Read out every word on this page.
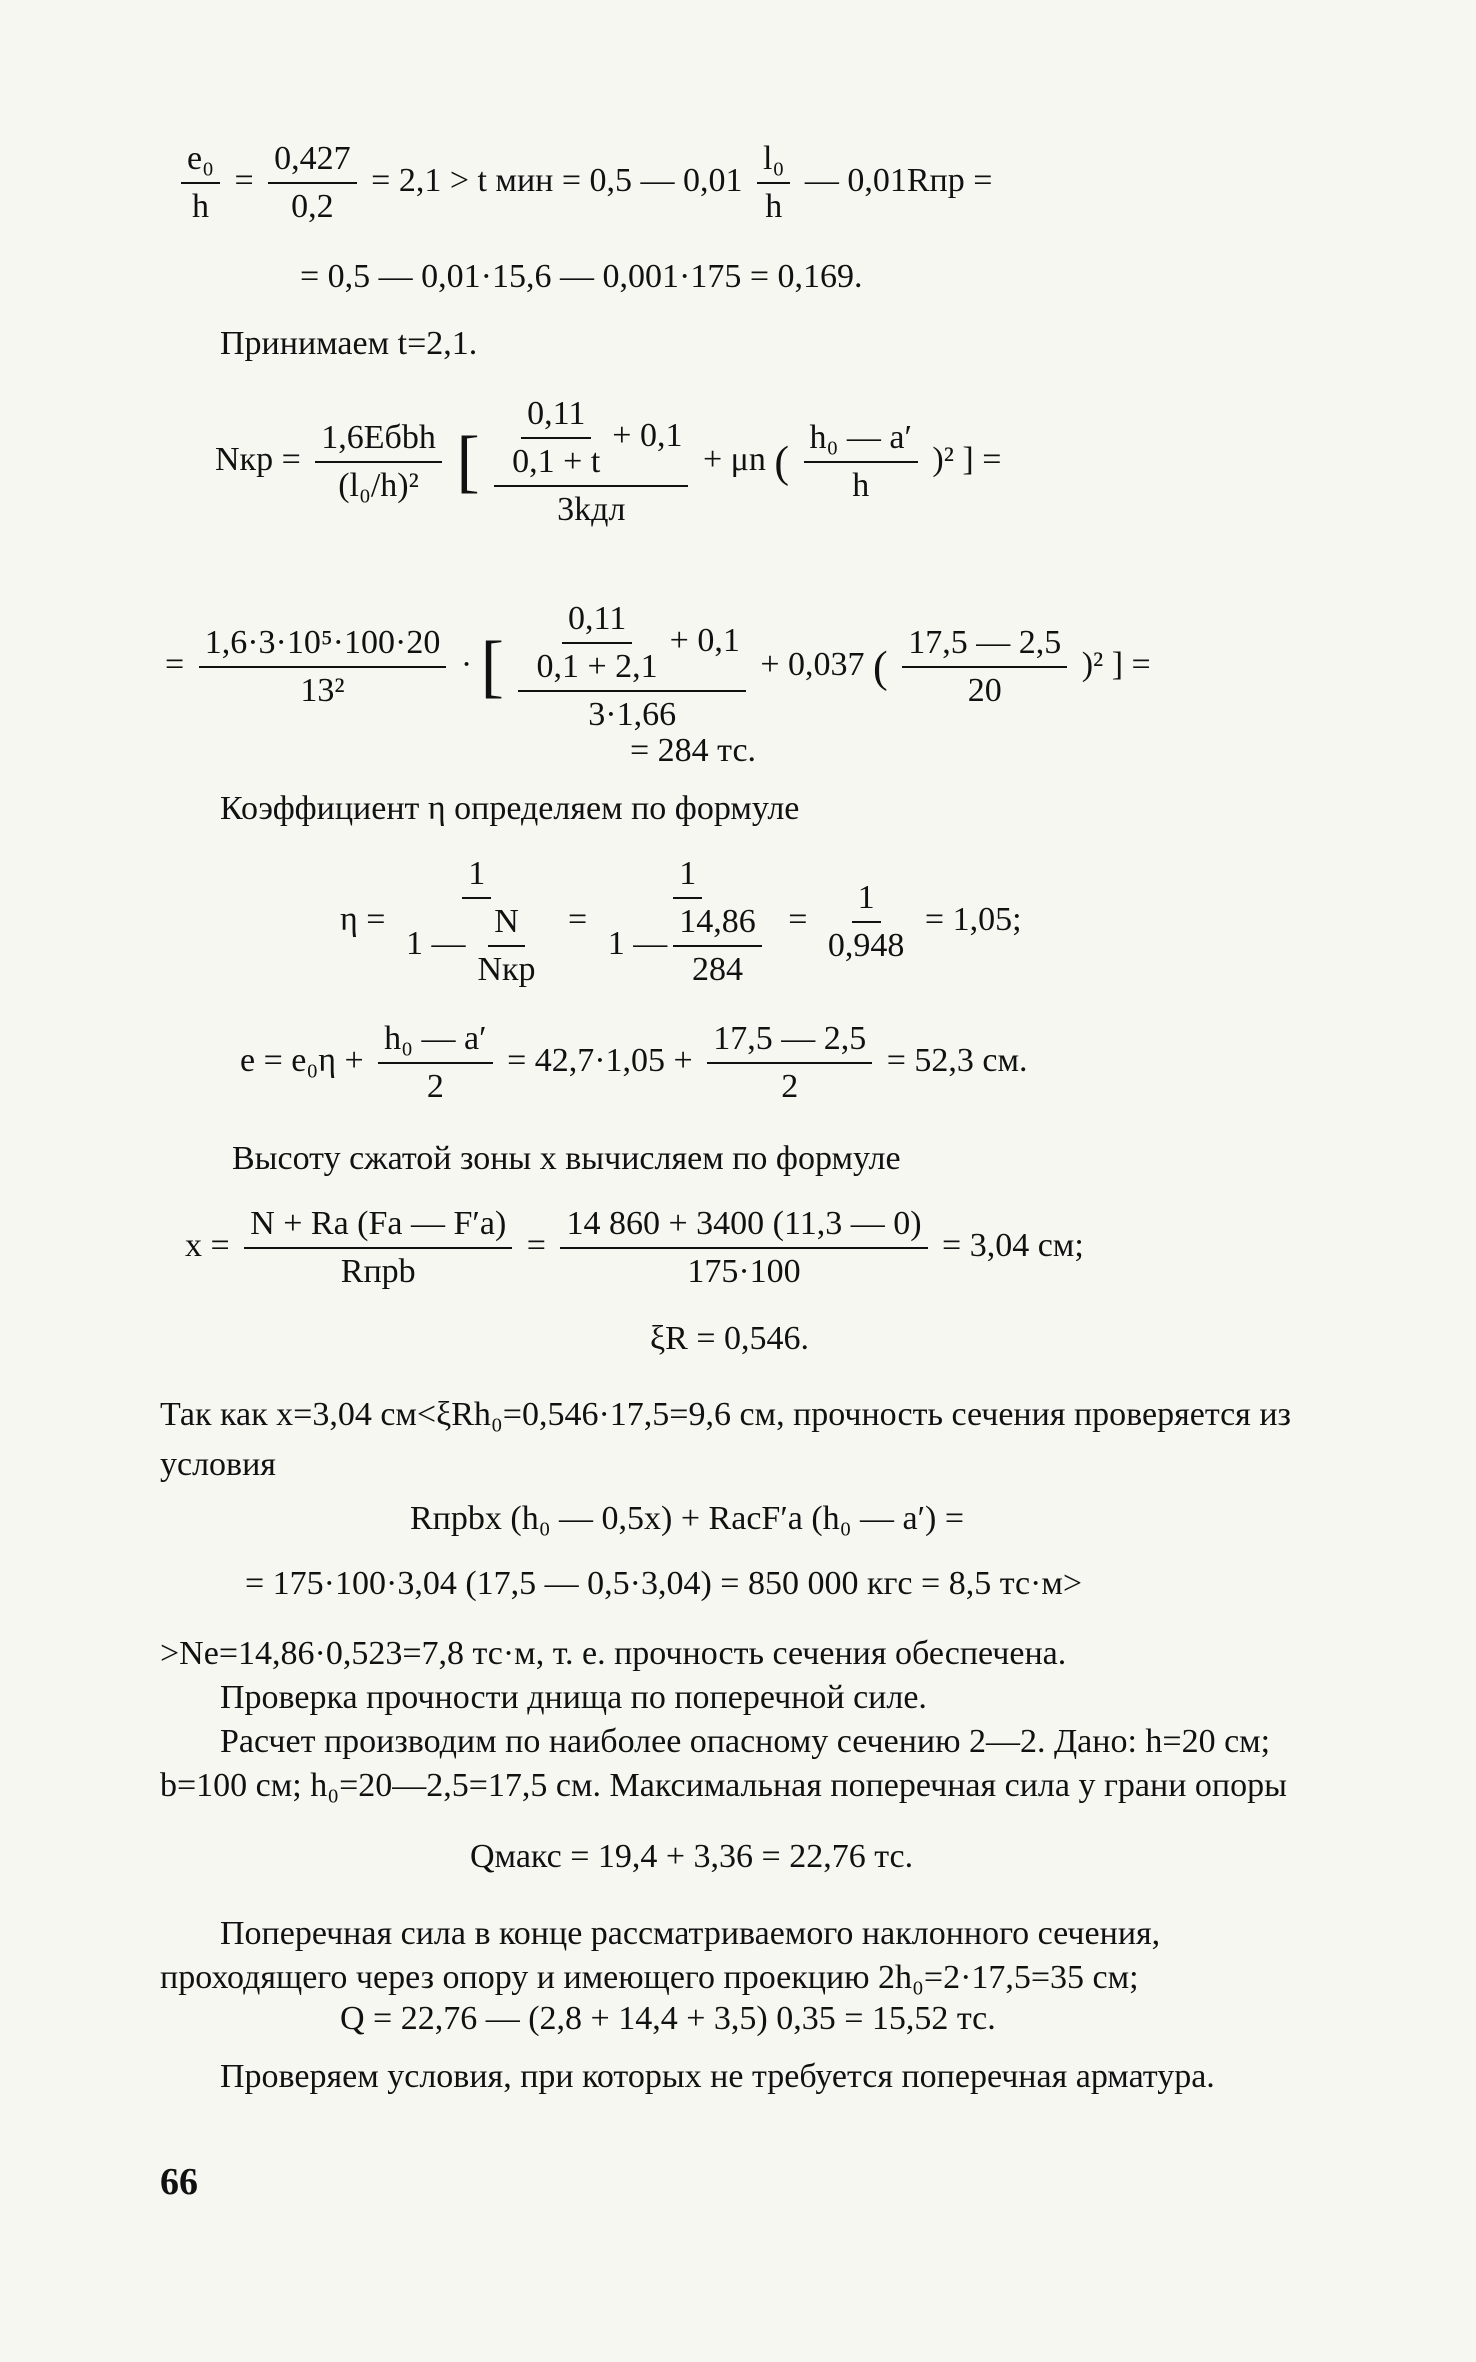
$\frac{\text{e₀}}{h} = \frac{0,427}{0,2} = 2,1 > t$ мин = 0,5 — $0,01 \frac{\text{l₀}}{h}$ — 0,01Rпр =
= 0,5 — 0,01·15,6 — 0,001·175 = 0,169.
Принимаем t=2,1.
Nкр = $\frac{\text{1,6Eбbh}}{\text{(l₀/h)²}}$ [ $\frac{\frac{0,11}{0,1 + t} + 0,1}{\text{3kдл}} + \mu n$ ( $\frac{\text{h₀ — a′}}{h} )^2$ ] =
= $\frac{\text{1,6·3·10⁵·100·20}}{\text{13²}}$ · [ $\frac{\frac{0,11}{0,1 + 2,1} + 0,1}{3\cdot 1,66} + 0,037$ ( $\frac{17,5 — 2,5}{20} )^2$ ] =
= 284 тс.
Коэффициент η определяем по формуле
$\eta = \frac{1}{1 — \frac{N}{\text{Nкр}}} = \frac{1}{1 — \frac{14,86}{284}} = \frac{1}{0,948} = 1,05$;
$e = e_0\eta + \frac{\text{h₀ — a′}}{2} = 42,7\cdot 1,05 + \frac{17,5 — 2,5}{2} = 52,3$ см.
Высоту сжатой зоны x вычисляем по формуле
$x = \frac{N + Rа (Fa — F'a)}{\text{Rпрb}} = \frac{14 860 + 3400 (11,3 — 0)}{175\cdot 100} = 3,04$ см;
ξR = 0,546.
Так как x=3,04 см<ξRh₀=0,546·17,5=9,6 см, прочность сечения проверяется из условия
Rпрbx (h₀ — 0,5x) + RacF′a (h₀ — a′) =
= 175·100·3,04 (17,5 — 0,5·3,04) = 850 000 кгс = 8,5 тс·м>
>Ne=14,86·0,523=7,8 тс·м, т. е. прочность сечения обеспечена.
Проверка прочности днища по поперечной силе.
Расчет производим по наиболее опасному сечению 2—2. Дано: h=20 см; b=100 см; h₀=20—2,5=17,5 см. Максимальная поперечная сила у грани опоры
Qмакс = 19,4 + 3,36 = 22,76 тс.
Поперечная сила в конце рассматриваемого наклонного сечения, проходящего через опору и имеющего проекцию 2h₀=2·17,5=35 см;
Q = 22,76 — (2,8 + 14,4 + 3,5) 0,35 = 15,52 тс.
Проверяем условия, при которых не требуется поперечная арматура.
66
